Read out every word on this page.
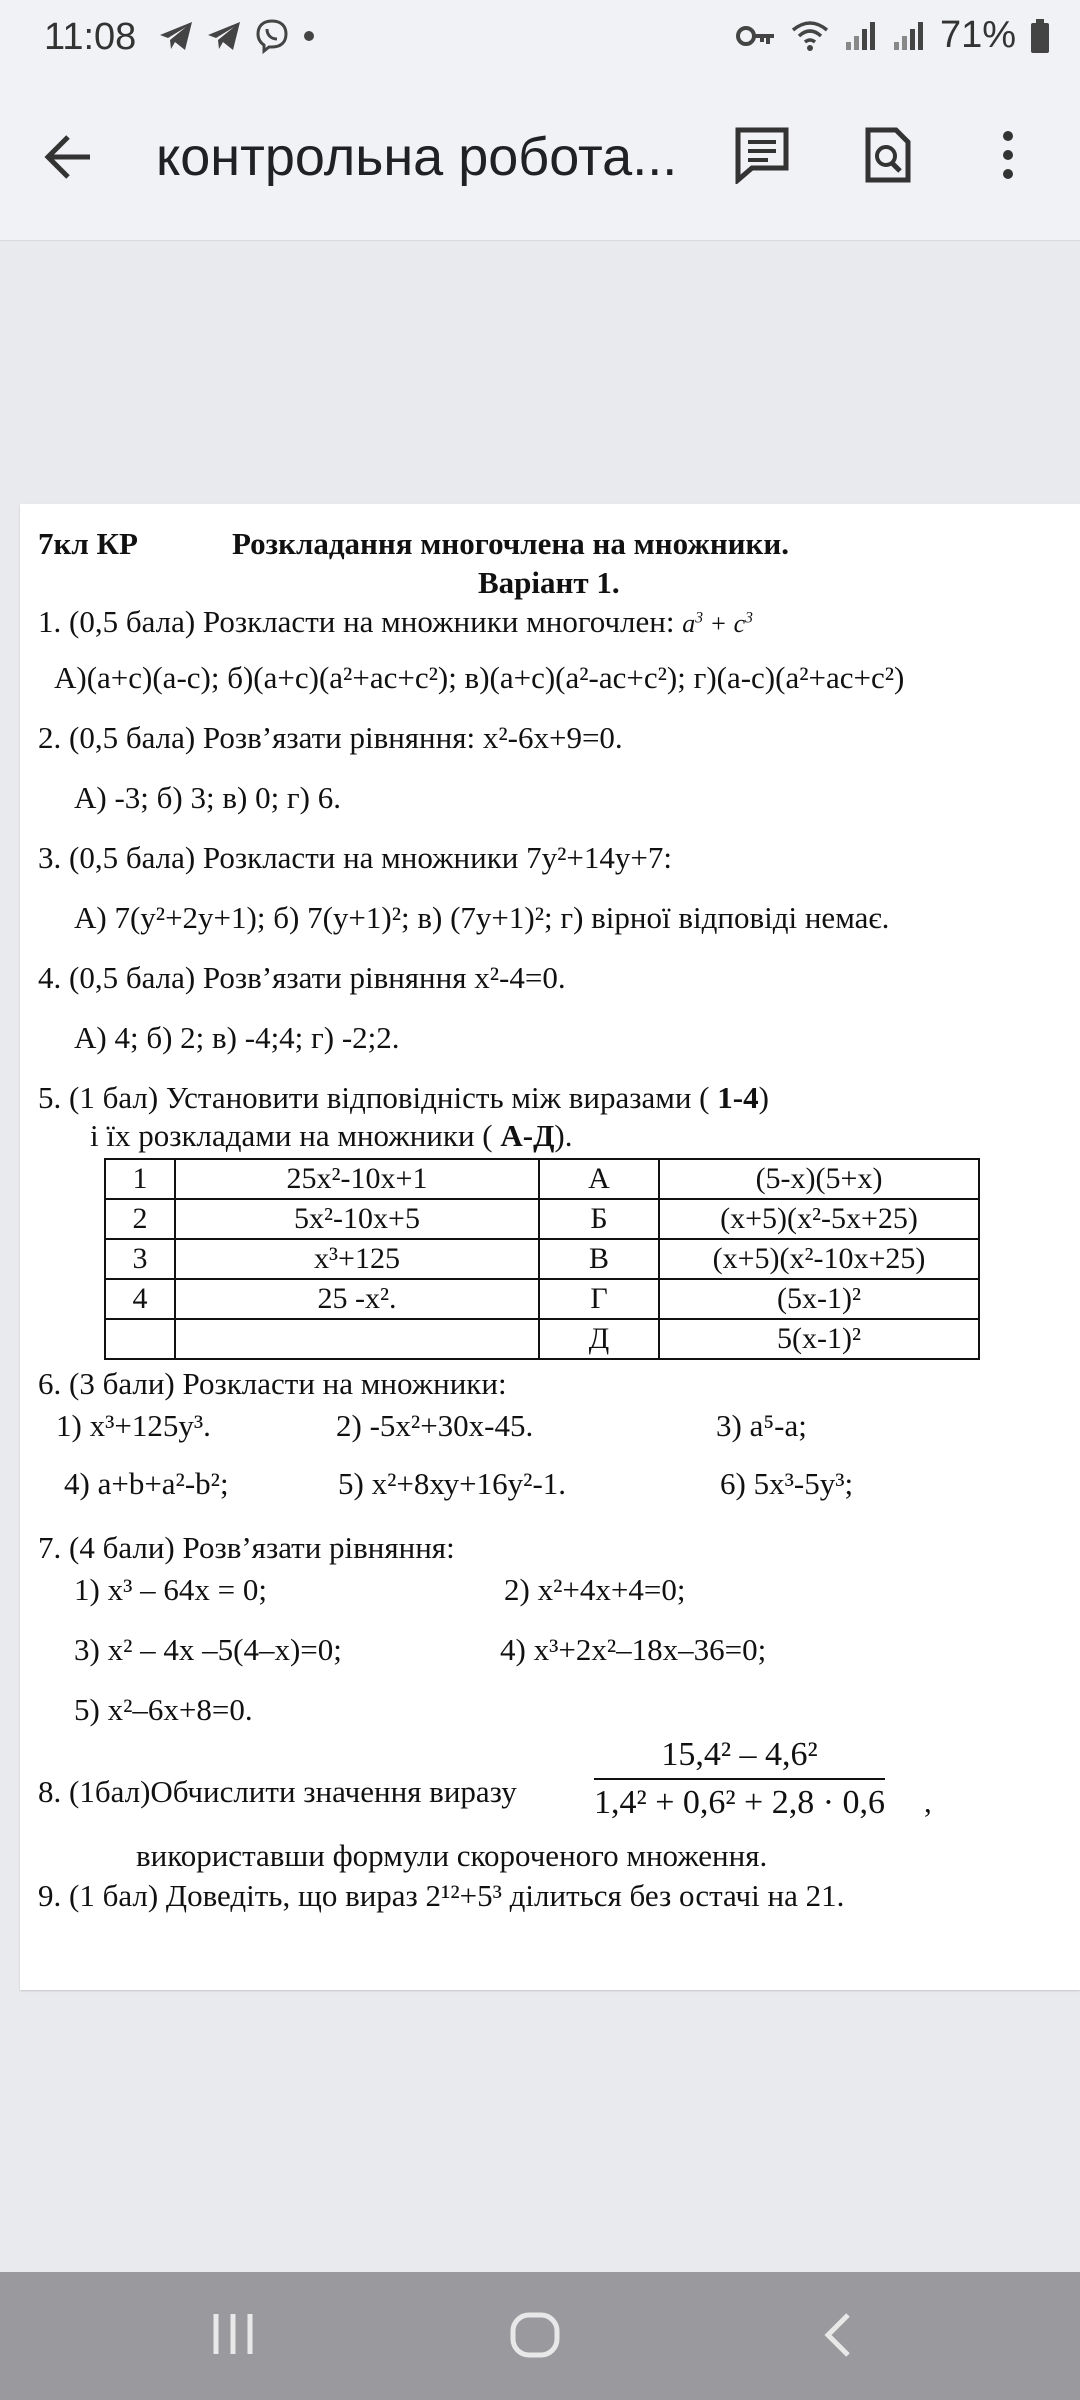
11:08	71%
контрольна робота...

7кл КР	Розкладання многочлена на множники.

Варіант 1.

1. (0,5 бала) Розкласти на множники многочлен: $a^3 + c^3$

А)(а+с)(а-с); б)(а+с)(а²+ас+с²); в)(а+с)(а²-ас+с²); г)(а-с)(а²+ас+с²)

2. (0,5 бала) Розв’язати рівняння: х²-6х+9=0.

А) -3; б) 3; в) 0; г) 6.

3. (0,5 бала) Розкласти на множники 7у²+14у+7:

А) 7(у²+2у+1); б) 7(у+1)²; в) (7у+1)²; г) вірної відповіді немає.

4. (0,5 бала) Розв’язати рівняння х²-4=0.

А) 4; б) 2; в) -4;4; г) -2;2.

5. (1 бал) Установити відповідність між виразами ( 1-4)

і їх розкладами на множники ( А-Д).

1	25х²-10х+1	А	(5-х)(5+х)
2	5х²-10х+5	Б	(х+5)(х²-5х+25)
3	х³+125	В	(х+5)(х²-10х+25)
4	25 -х².	Г	(5х-1)²
		Д	5(х-1)²

6. (3 бали) Розкласти на множники:

1) х³+125у³.	2) -5х²+30х-45.	3) а⁵-а;

4) a+b+a²-b²;	5) х²+8ху+16у²-1.	6) 5х³-5у³;

7. (4 бали) Розв’язати рівняння:

1) x³ – 64x = 0;	2) х²+4х+4=0;

3) x² – 4x –5(4–x)=0;	4) х³+2х²–18х–36=0;

5) х²–6х+8=0.

8. (1бал)Обчислити значення виразу $\frac{\text{15,4² – 4,6²}}{\text{1,4² + 0,6² + 2,8 · 0,6}}$ ,

використавши формули скороченого множення.

9. (1 бал) Доведіть, що вираз 2¹²+5³ ділиться без остачі на 21.
